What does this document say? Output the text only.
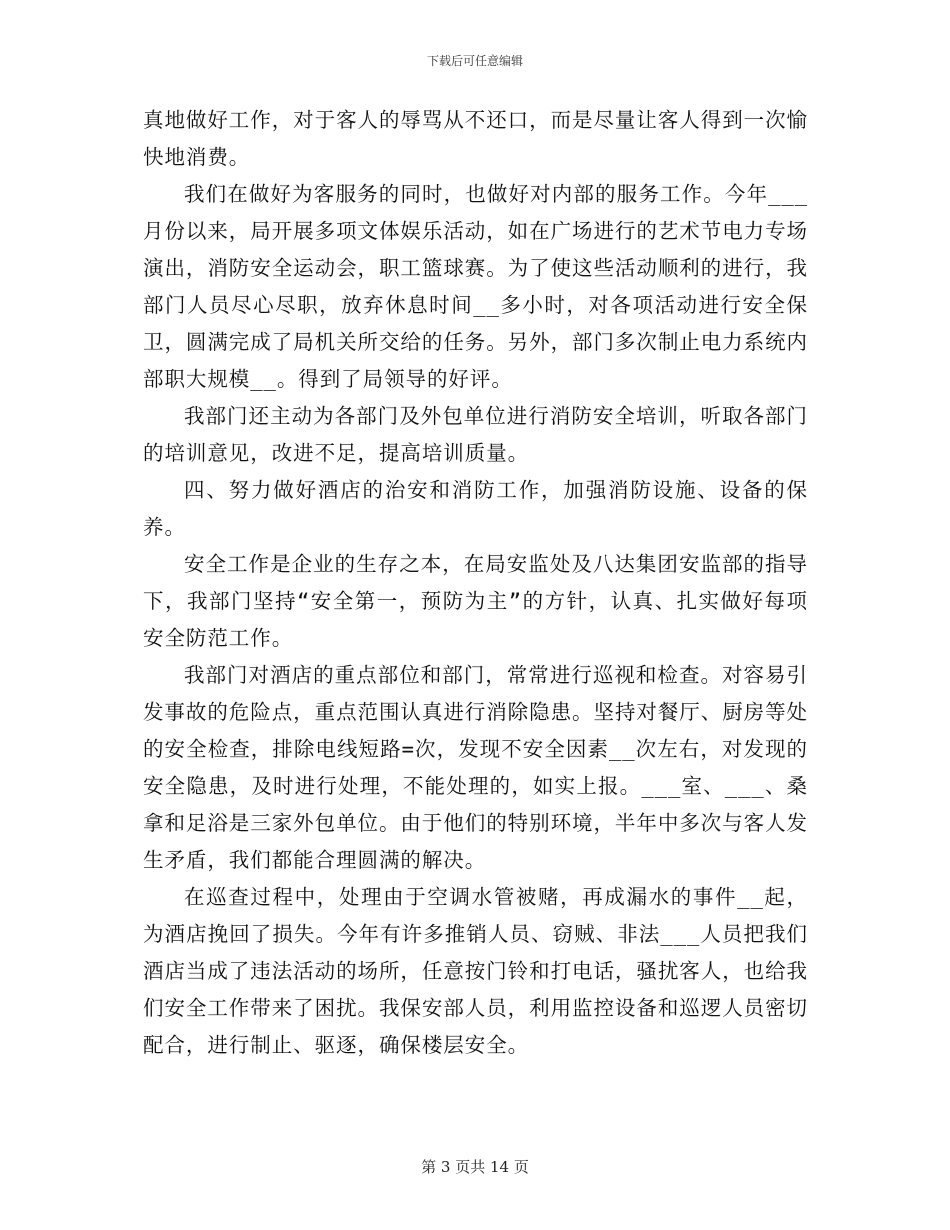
下载后可任意编辑

真地做好工作，对于客人的辱骂从不还口，而是尽量让客人得到一次愉快地消费。

我们在做好为客服务的同时，也做好对内部的服务工作。今年___月份以来，局开展多项文体娱乐活动，如在广场进行的艺术节电力专场演出，消防安全运动会，职工篮球赛。为了使这些活动顺利的进行，我部门人员尽心尽职，放弃休息时间__多小时，对各项活动进行安全保卫，圆满完成了局机关所交给的任务。另外，部门多次制止电力系统内部职大规模__。得到了局领导的好评。

我部门还主动为各部门及外包单位进行消防安全培训，听取各部门的培训意见，改进不足，提高培训质量。

四、努力做好酒店的治安和消防工作，加强消防设施、设备的保养。

安全工作是企业的生存之本，在局安监处及八达集团安监部的指导下，我部门坚持“安全第一，预防为主”的方针，认真、扎实做好每项安全防范工作。

我部门对酒店的重点部位和部门，常常进行巡视和检查。对容易引发事故的危险点，重点范围认真进行消除隐患。坚持对餐厅、厨房等处的安全检查，排除电线短路=次，发现不安全因素__次左右，对发现的安全隐患，及时进行处理，不能处理的，如实上报。___室、___、桑拿和足浴是三家外包单位。由于他们的特别环境，半年中多次与客人发生矛盾，我们都能合理圆满的解决。

在巡查过程中，处理由于空调水管被赌，再成漏水的事件__起，为酒店挽回了损失。今年有许多推销人员、窃贼、非法___人员把我们酒店当成了违法活动的场所，任意按门铃和打电话，骚扰客人，也给我们安全工作带来了困扰。我保安部人员，利用监控设备和巡逻人员密切配合，进行制止、驱逐，确保楼层安全。

第 3 页共 14 页
